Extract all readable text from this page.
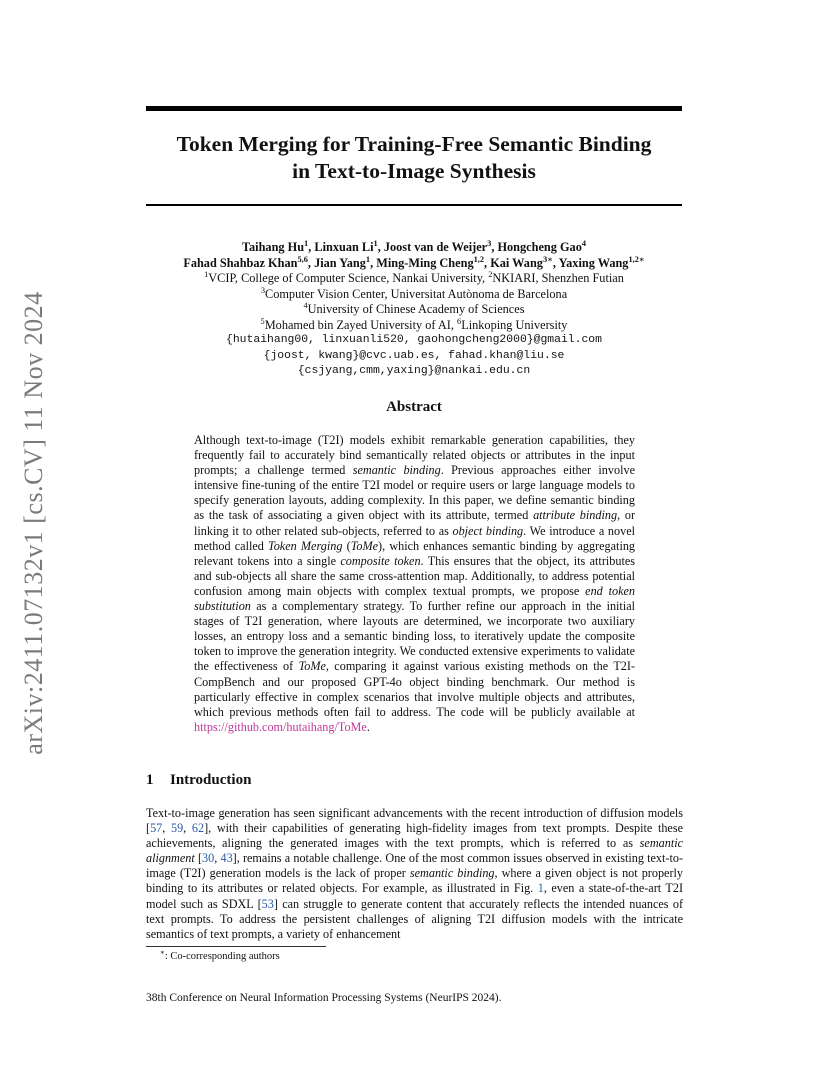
arXiv:2411.07132v1 [cs.CV] 11 Nov 2024
Token Merging for Training-Free Semantic Binding
in Text-to-Image Synthesis
Taihang Hu$^1$, Linxuan Li$^1$, Joost van de Weijer$^3$, Hongcheng Gao$^4$
Fahad Shahbaz Khan$^{5,6}$, Jian Yang$^1$, Ming-Ming Cheng$^{1,2}$, Kai Wang$^{3∗}$, Yaxing Wang$^{1,2∗}$
$^1$VCIP, College of Computer Science, Nankai University, $^2$NKIARI, Shenzhen Futian
$^3$Computer Vision Center, Universitat Autònoma de Barcelona
$^4$University of Chinese Academy of Sciences
$^5$Mohamed bin Zayed University of AI, $^6$Linkoping University
{hutaihang00, linxuanli520, gaohongcheng2000}@gmail.com
{joost, kwang}@cvc.uab.es, fahad.khan@liu.se
{csjyang,cmm,yaxing}@nankai.edu.cn
Abstract
Although text-to-image (T2I) models exhibit remarkable generation capabilities, they frequently fail to accurately bind semantically related objects or attributes in the input prompts; a challenge termed semantic binding. Previous approaches either involve intensive fine-tuning of the entire T2I model or require users or large language models to specify generation layouts, adding complexity. In this paper, we define semantic binding as the task of associating a given object with its attribute, termed attribute binding, or linking it to other related sub-objects, referred to as object binding. We introduce a novel method called Token Merging (ToMe), which enhances semantic binding by aggregating relevant tokens into a single composite token. This ensures that the object, its attributes and sub-objects all share the same cross-attention map. Additionally, to address potential confusion among main objects with complex textual prompts, we propose end token substitution as a complementary strategy. To further refine our approach in the initial stages of T2I generation, where layouts are determined, we incorporate two auxiliary losses, an entropy loss and a semantic binding loss, to iteratively update the composite token to improve the generation integrity. We conducted extensive experiments to validate the effectiveness of ToMe, comparing it against various existing methods on the T2I-CompBench and our proposed GPT-4o object binding benchmark. Our method is particularly effective in complex scenarios that involve multiple objects and attributes, which previous methods often fail to address. The code will be publicly available at https://github.com/hutaihang/ToMe.
1 Introduction
Text-to-image generation has seen significant advancements with the recent introduction of diffusion models [57, 59, 62], with their capabilities of generating high-fidelity images from text prompts. Despite these achievements, aligning the generated images with the text prompts, which is referred to as semantic alignment [30, 43], remains a notable challenge. One of the most common issues observed in existing text-to-image (T2I) generation models is the lack of proper semantic binding, where a given object is not properly binding to its attributes or related objects. For example, as illustrated in Fig. 1, even a state-of-the-art T2I model such as SDXL [53] can struggle to generate content that accurately reflects the intended nuances of text prompts. To address the persistent challenges of aligning T2I diffusion models with the intricate semantics of text prompts, a variety of enhancement
∗: Co-corresponding authors
38th Conference on Neural Information Processing Systems (NeurIPS 2024).
